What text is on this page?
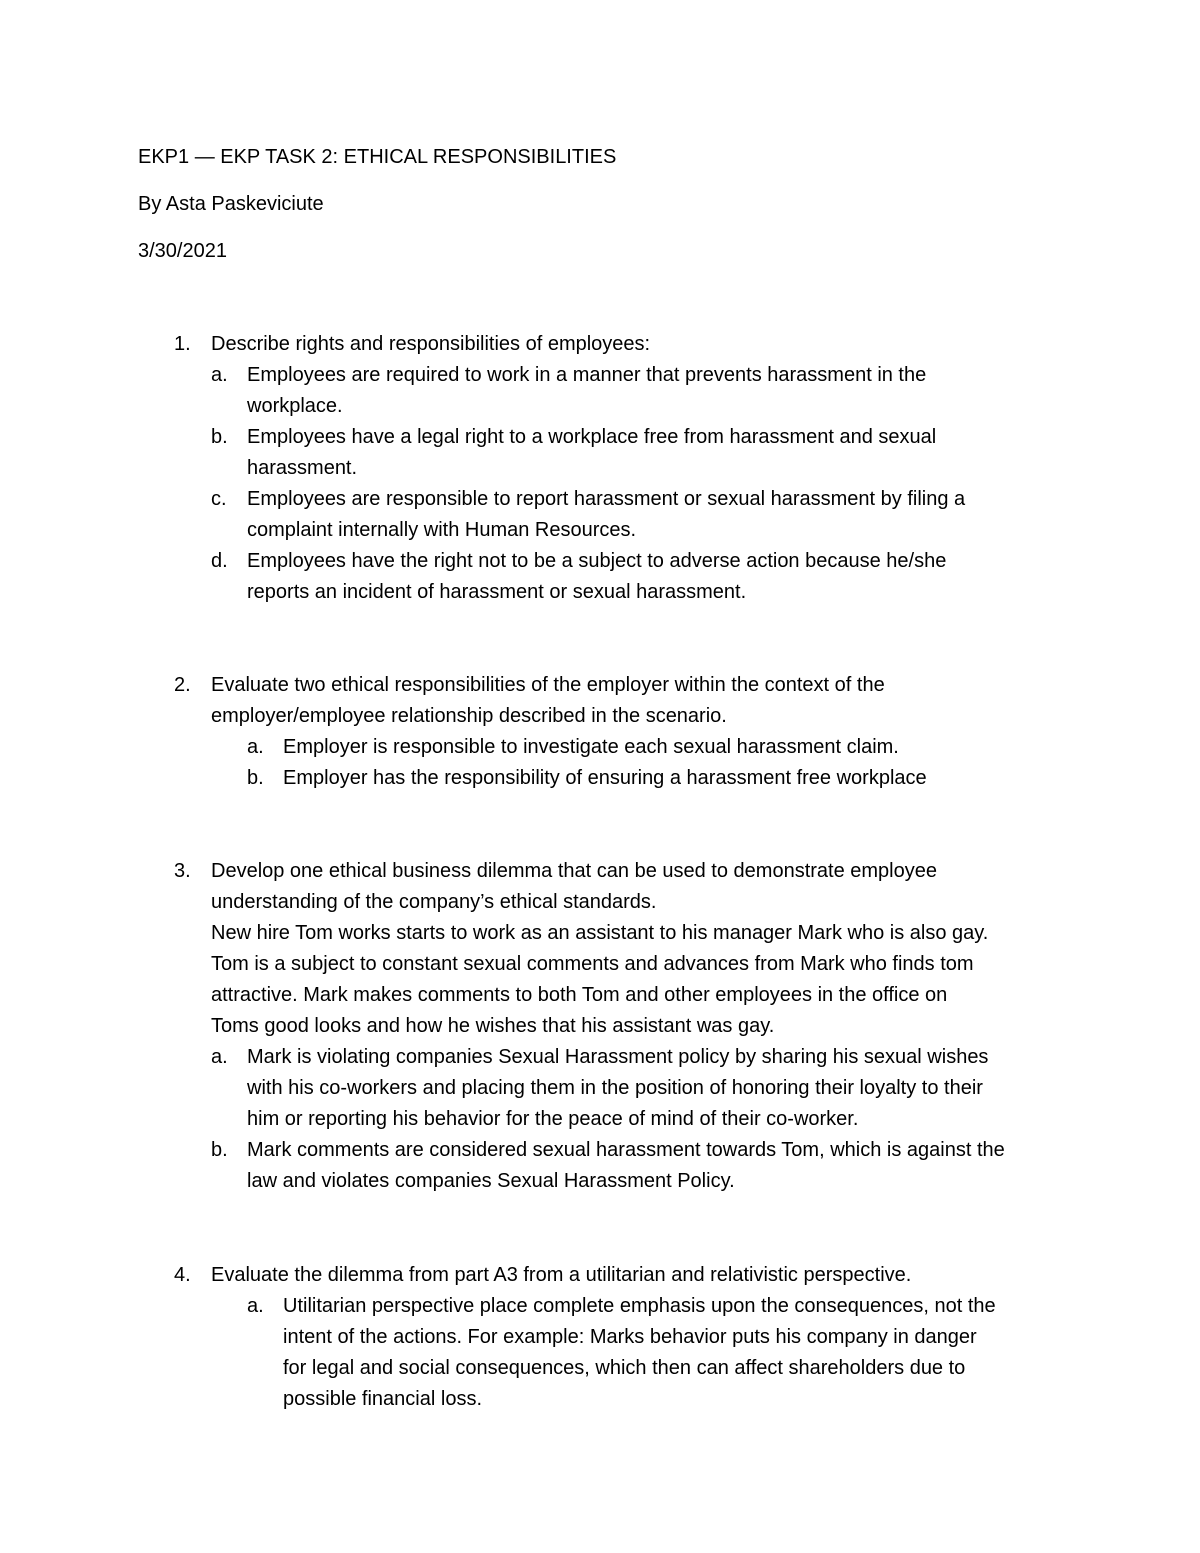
EKP1 — EKP TASK 2: ETHICAL RESPONSIBILITIES
By Asta Paskeviciute
3/30/2021
1. Describe rights and responsibilities of employees:
a. Employees are required to work in a manner that prevents harassment in the
workplace.
b. Employees have a legal right to a workplace free from harassment and sexual
harassment.
c. Employees are responsible to report harassment or sexual harassment by filing a
complaint internally with Human Resources.
d. Employees have the right not to be a subject to adverse action because he/she
reports an incident of harassment or sexual harassment.
2. Evaluate two ethical responsibilities of the employer within the context of the
employer/employee relationship described in the scenario.
a. Employer is responsible to investigate each sexual harassment claim.
b. Employer has the responsibility of ensuring a harassment free workplace
3. Develop one ethical business dilemma that can be used to demonstrate employee
understanding of the company’s ethical standards.
New hire Tom works starts to work as an assistant to his manager Mark who is also gay.
Tom is a subject to constant sexual comments and advances from Mark who finds tom
attractive. Mark makes comments to both Tom and other employees in the office on
Toms good looks and how he wishes that his assistant was gay.
a. Mark is violating companies Sexual Harassment policy by sharing his sexual wishes
with his co-workers and placing them in the position of honoring their loyalty to their
him or reporting his behavior for the peace of mind of their co-worker.
b. Mark comments are considered sexual harassment towards Tom, which is against the
law and violates companies Sexual Harassment Policy.
4. Evaluate the dilemma from part A3 from a utilitarian and relativistic perspective.
a. Utilitarian perspective place complete emphasis upon the consequences, not the
intent of the actions. For example: Marks behavior puts his company in danger
for legal and social consequences, which then can affect shareholders due to
possible financial loss.
